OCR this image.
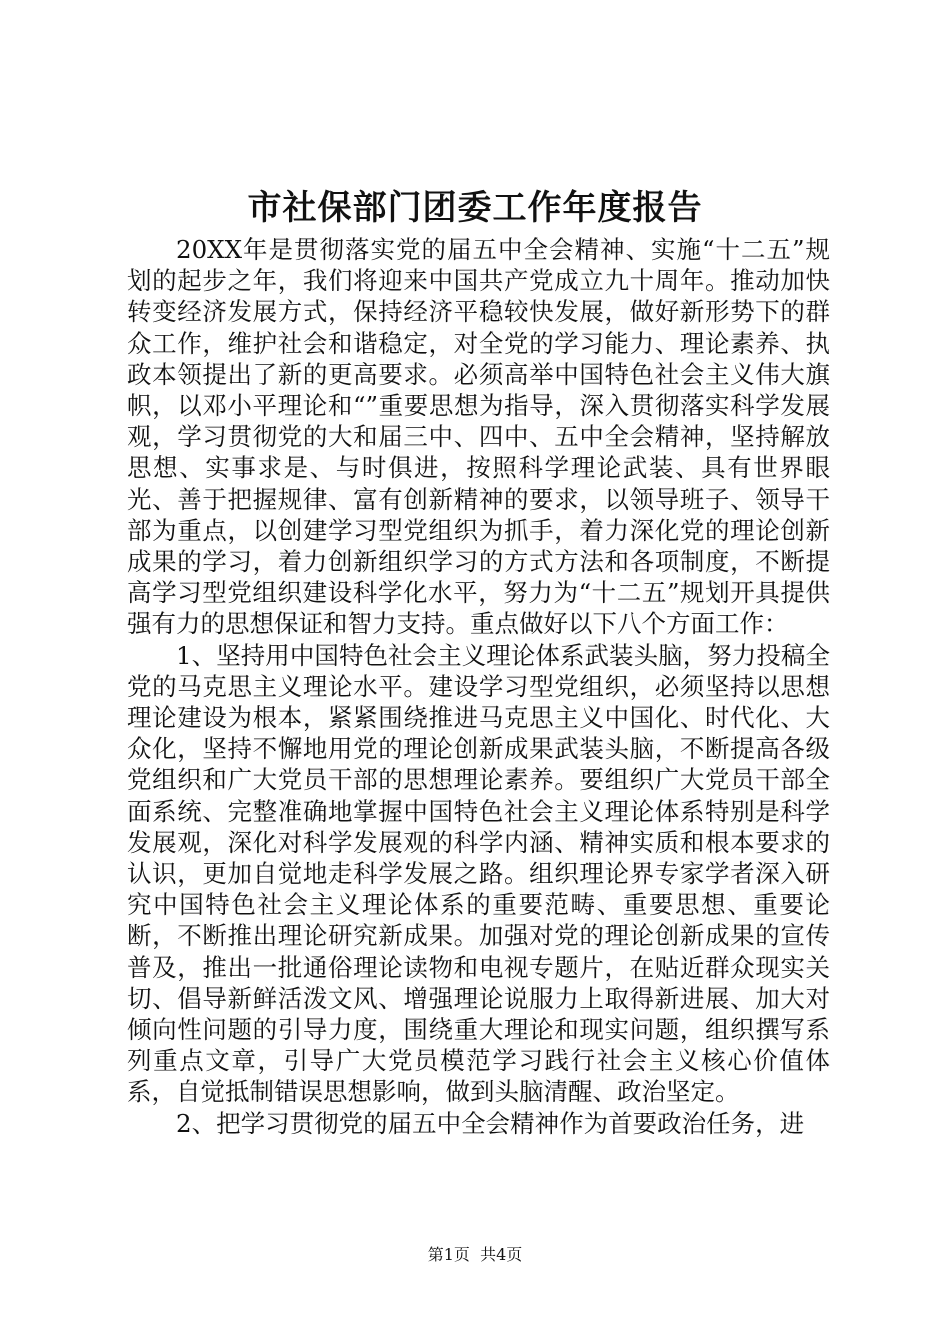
市社保部门团委工作年度报告

20XX年是贯彻落实党的届五中全会精神、实施“十二五”规划的起步之年，我们将迎来中国共产党成立九十周年。推动加快转变经济发展方式，保持经济平稳较快发展，做好新形势下的群众工作，维护社会和谐稳定，对全党的学习能力、理论素养、执政本领提出了新的更高要求。必须高举中国特色社会主义伟大旗帜，以邓小平理论和“”重要思想为指导，深入贯彻落实科学发展观，学习贯彻党的大和届三中、四中、五中全会精神，坚持解放思想、实事求是、与时俱进，按照科学理论武装、具有世界眼光、善于把握规律、富有创新精神的要求，以领导班子、领导干部为重点，以创建学习型党组织为抓手，着力深化党的理论创新成果的学习，着力创新组织学习的方式方法和各项制度，不断提高学习型党组织建设科学化水平，努力为“十二五”规划开具提供强有力的思想保证和智力支持。重点做好以下八个方面工作：

1、坚持用中国特色社会主义理论体系武装头脑，努力投稿全党的马克思主义理论水平。建设学习型党组织，必须坚持以思想理论建设为根本，紧紧围绕推进马克思主义中国化、时代化、大众化，坚持不懈地用党的理论创新成果武装头脑，不断提高各级党组织和广大党员干部的思想理论素养。要组织广大党员干部全面系统、完整准确地掌握中国特色社会主义理论体系特别是科学发展观，深化对科学发展观的科学内涵、精神实质和根本要求的认识，更加自觉地走科学发展之路。组织理论界专家学者深入研究中国特色社会主义理论体系的重要范畴、重要思想、重要论断，不断推出理论研究新成果。加强对党的理论创新成果的宣传普及，推出一批通俗理论读物和电视专题片，在贴近群众现实关切、倡导新鲜活泼文风、增强理论说服力上取得新进展、加大对倾向性问题的引导力度，围绕重大理论和现实问题，组织撰写系列重点文章，引导广大党员模范学习践行社会主义核心价值体系，自觉抵制错误思想影响，做到头脑清醒、政治坚定。

2、把学习贯彻党的届五中全会精神作为首要政治任务，进

第1页 共4页
